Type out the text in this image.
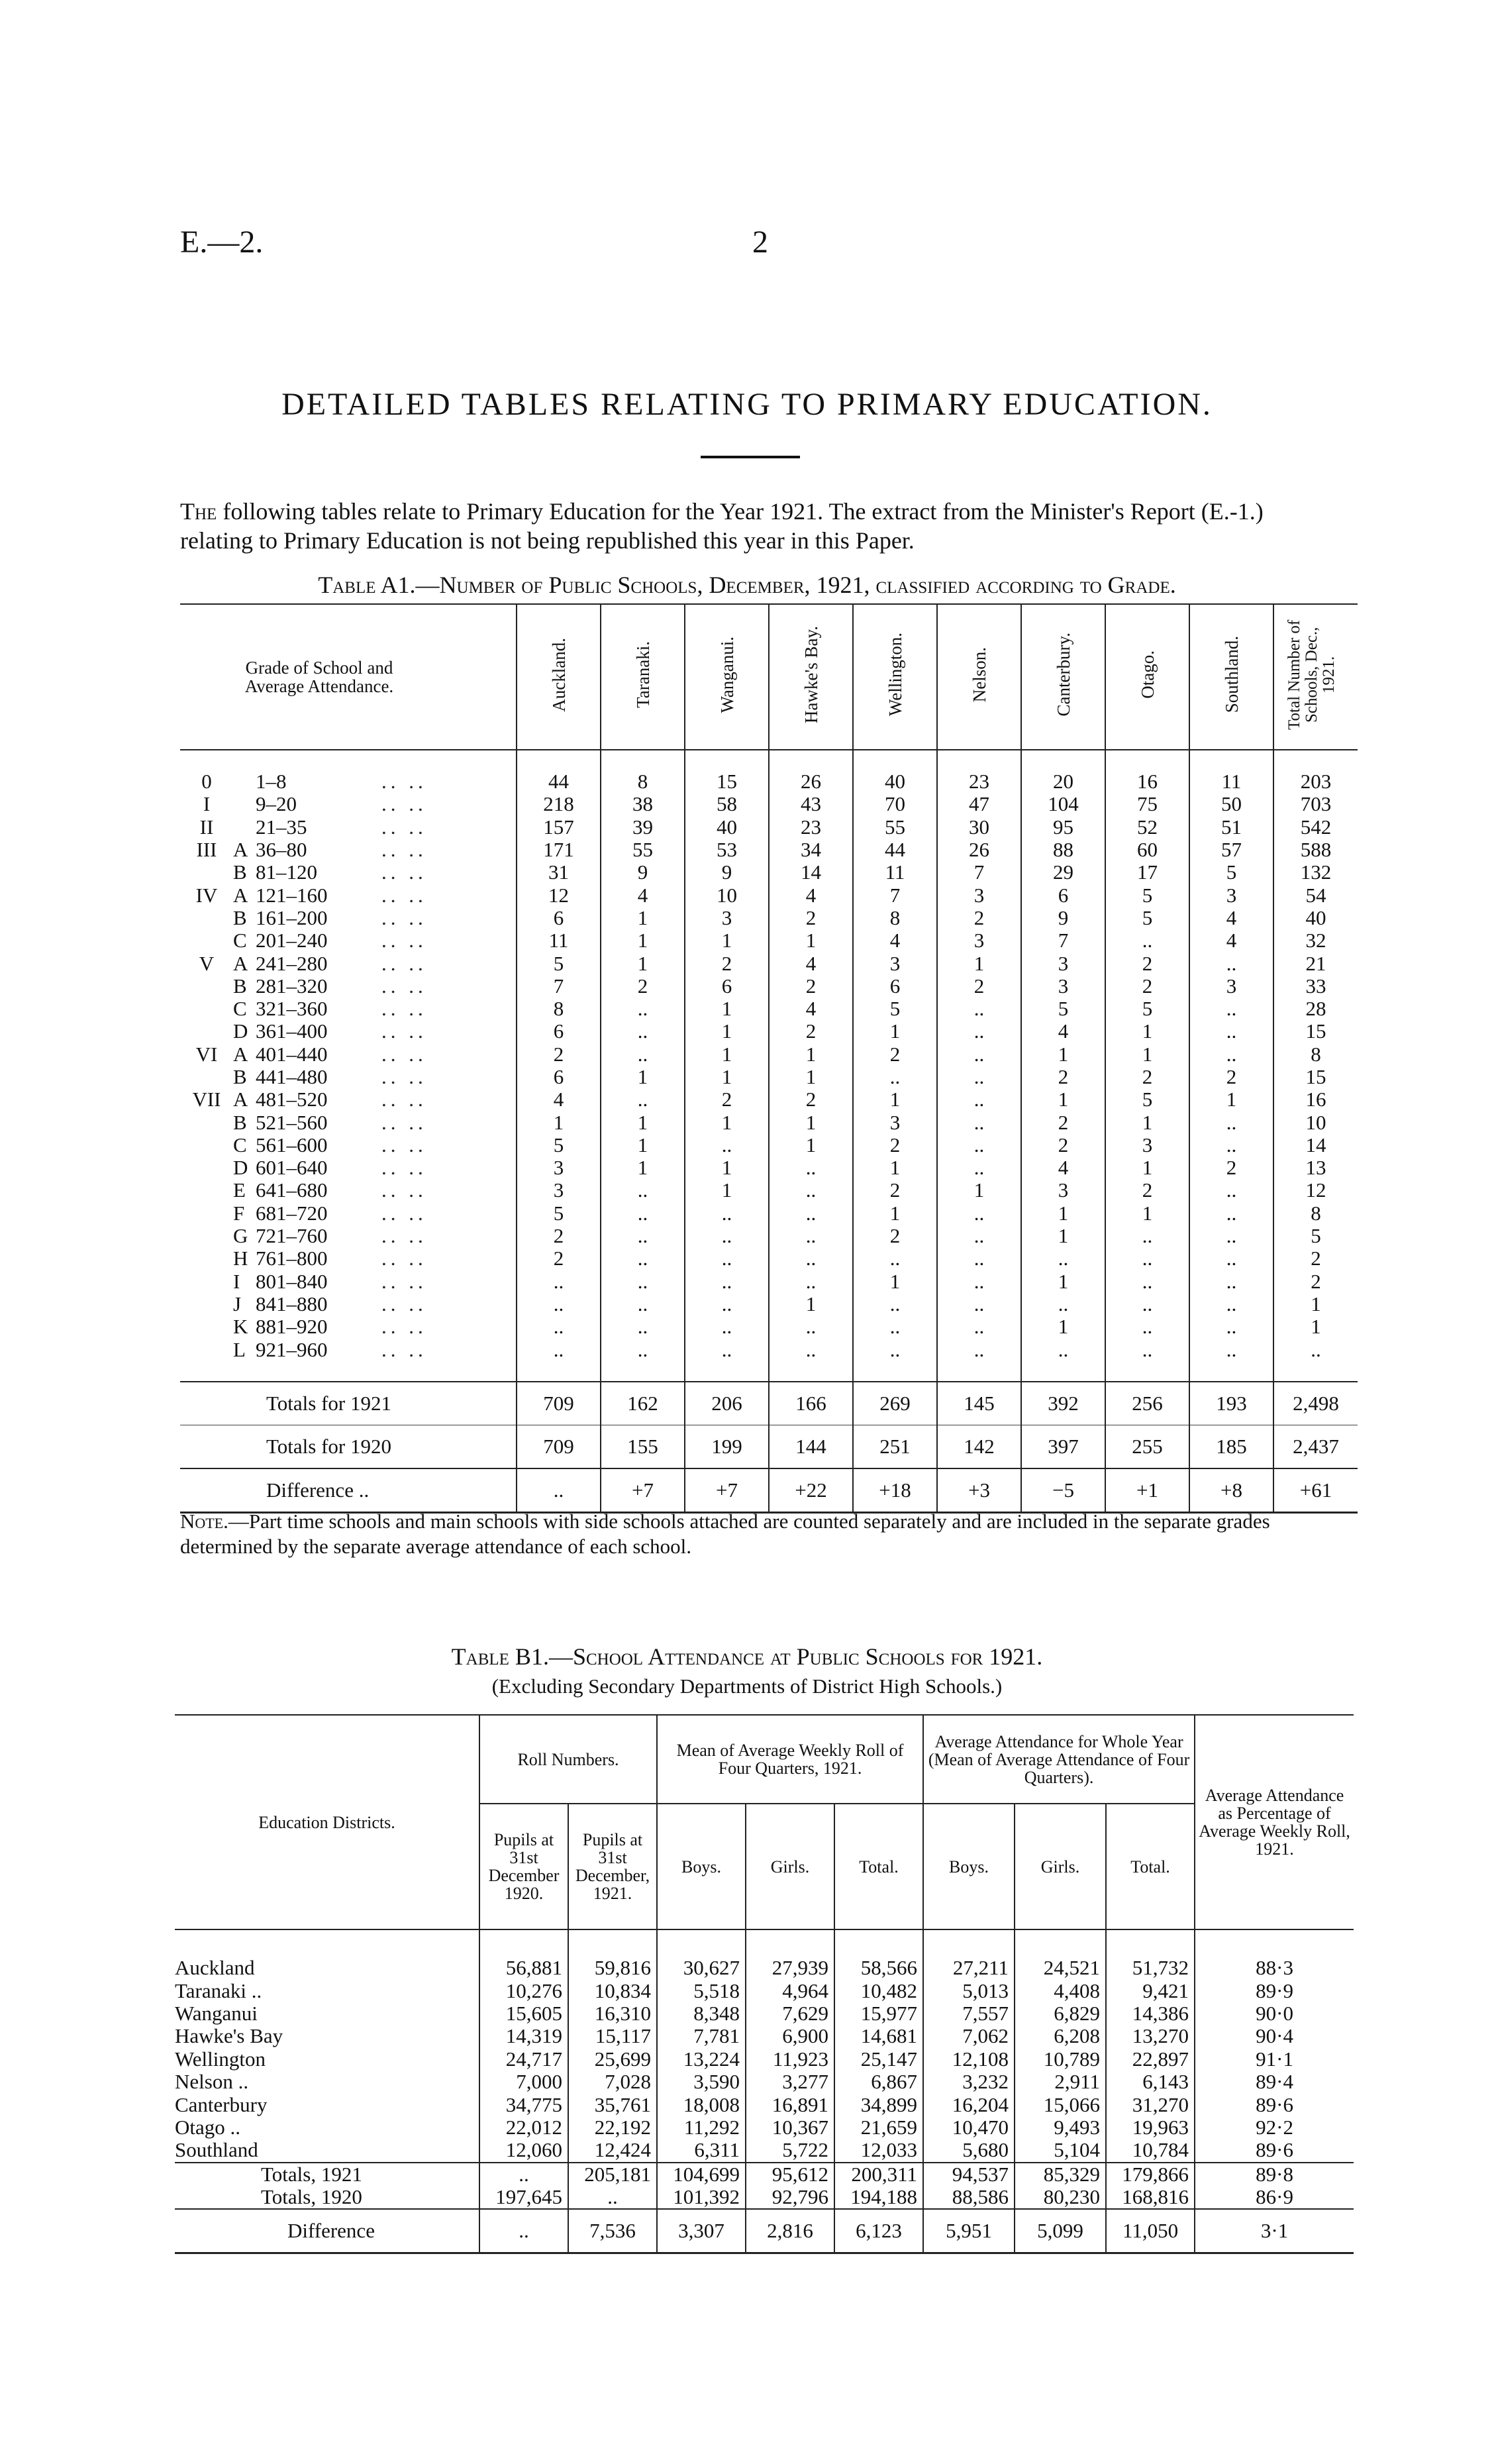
E.—2.	2
DETAILED TABLES RELATING TO PRIMARY EDUCATION.
The following tables relate to Primary Education for the Year 1921. The extract from the Minister's Report (E.-1.) relating to Primary Education is not being republished this year in this Paper.
Table A1.—Number of Public Schools, December, 1921, classified according to Grade.
Grade of School and Average Attendance.	Auckland.	Taranaki.	Wanganui.	Hawke's Bay.	Wellington.	Nelson.	Canterbury.	Otago.	Southland.	Total Number of Schools, Dec., 1921.

0 1–8 .. ..	44	8	15	26	40	23	20	16	11	203
I 9–20 .. ..	218	38	58	43	70	47	104	75	50	703
II 21–35 .. ..	157	39	40	23	55	30	95	52	51	542
III A 36–80 .. ..	171	55	53	34	44	26	88	60	57	588
B 81–120 .. ..	31	9	9	14	11	7	29	17	5	132
IV A 121–160 .. ..	12	4	10	4	7	3	6	5	3	54
B 161–200 .. ..	6	1	3	2	8	2	9	5	4	40
C 201–240 .. ..	11	1	1	1	4	3	7	..	4	32
V A 241–280 .. ..	5	1	2	4	3	1	3	2	..	21
B 281–320 .. ..	7	2	6	2	6	2	3	2	3	33
C 321–360 .. ..	8	..	1	4	5	..	5	5	..	28
D 361–400 .. ..	6	..	1	2	1	..	4	1	..	15
VI A 401–440 .. ..	2	..	1	1	2	..	1	1	..	8
B 441–480 .. ..	6	1	1	1	..	..	2	2	2	15
VII A 481–520 .. ..	4	..	2	2	1	..	1	5	1	16
B 521–560 .. ..	1	1	1	1	3	..	2	1	..	10
C 561–600 .. ..	5	1	..	1	2	..	2	3	..	14
D 601–640 .. ..	3	1	1	..	1	..	4	1	2	13
E 641–680 .. ..	3	..	1	..	2	1	3	2	..	12
F 681–720 .. ..	5	..	..	..	1	..	1	1	..	8
G 721–760 .. ..	2	..	..	..	2	..	1	..	..	5
H 761–800 .. ..	2	..	..	..	..	..	..	..	..	2
I 801–840 .. ..	..	..	..	..	1	..	1	..	..	2
J 841–880 .. ..	..	..	..	1	..	..	..	..	..	1
K 881–920 .. ..	..	..	..	..	..	..	1	..	..	1
L 921–960 .. ..	..	..	..	..	..	..	..	..	..	..

Totals for 1921	709	162	206	166	269	145	392	256	193	2,498
Totals for 1920	709	155	199	144	251	142	397	255	185	2,437
Difference ..	..	+7	+7	+22	+18	+3	−5	+1	+8	+61
Note.—Part time schools and main schools with side schools attached are counted separately and are included in the separate grades determined by the separate average attendance of each school.
Table B1.—School Attendance at Public Schools for 1921.
(Excluding Secondary Departments of District High Schools.)
Education Districts.	Roll Numbers.		Mean of Average Weekly Roll of Four Quarters, 1921.			Average Attendance for Whole Year (Mean of Average Attendance of Four Quarters).			Average Attendance as Percentage of Average Weekly Roll, 1921.
	Pupils at 31st December 1920.	Pupils at 31st December, 1921.	Boys.	Girls.	Total.	Boys.	Girls.	Total.	

Auckland	56,881	59,816	30,627	27,939	58,566	27,211	24,521	51,732	88·3
Taranaki ..	10,276	10,834	5,518	4,964	10,482	5,013	4,408	9,421	89·9
Wanganui	15,605	16,310	8,348	7,629	15,977	7,557	6,829	14,386	90·0
Hawke's Bay	14,319	15,117	7,781	6,900	14,681	7,062	6,208	13,270	90·4
Wellington	24,717	25,699	13,224	11,923	25,147	12,108	10,789	22,897	91·1
Nelson ..	7,000	7,028	3,590	3,277	6,867	3,232	2,911	6,143	89·4
Canterbury	34,775	35,761	18,008	16,891	34,899	16,204	15,066	31,270	89·6
Otago ..	22,012	22,192	11,292	10,367	21,659	10,470	9,493	19,963	92·2
Southland	12,060	12,424	6,311	5,722	12,033	5,680	5,104	10,784	89·6
Totals, 1921	..	205,181	104,699	95,612	200,311	94,537	85,329	179,866	89·8
Totals, 1920	197,645	..	101,392	92,796	194,188	88,586	80,230	168,816	86·9
Difference	..	7,536	3,307	2,816	6,123	5,951	5,099	11,050	3·1
